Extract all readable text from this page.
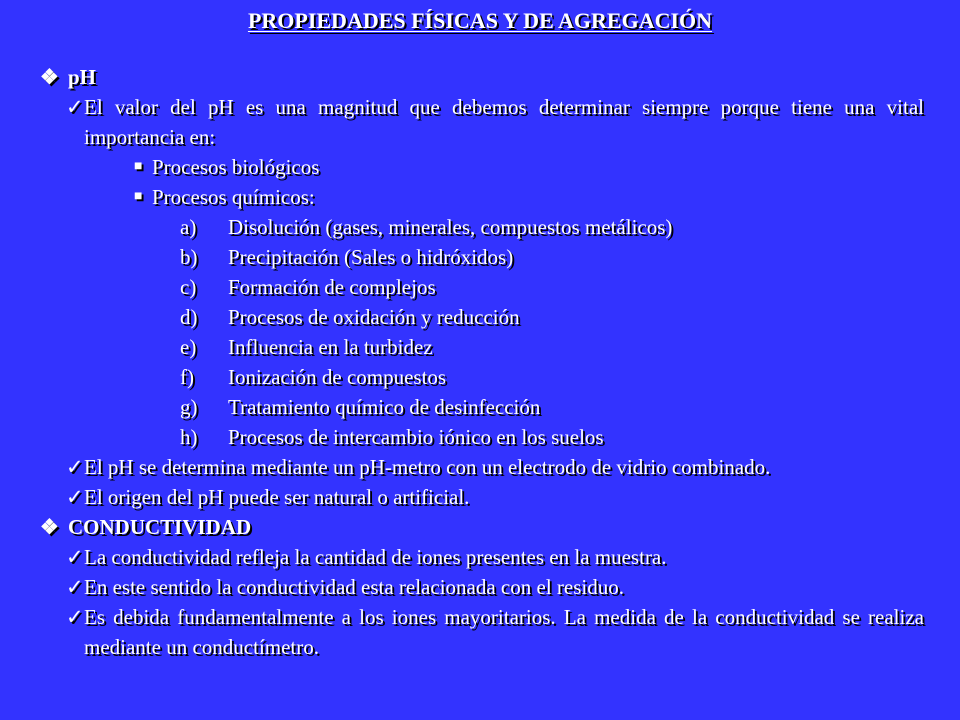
PROPIEDADES FÍSICAS Y DE AGREGACIÓN
❖ pH
✓ El valor del pH es una magnitud que debemos determinar siempre porque tiene una vital importancia en:
■ Procesos biológicos
■ Procesos químicos:
a) Disolución (gases, minerales, compuestos metálicos)
b) Precipitación (Sales o hidróxidos)
c) Formación de complejos
d) Procesos de oxidación y reducción
e) Influencia en la turbidez
f) Ionización de compuestos
g) Tratamiento químico de desinfección
h) Procesos de intercambio iónico en los suelos
✓ El pH se determina mediante un pH-metro con un electrodo de vidrio combinado.
✓ El origen del pH puede ser natural o artificial.
❖ CONDUCTIVIDAD
✓ La conductividad refleja la cantidad de iones presentes en la muestra.
✓ En este sentido la conductividad esta relacionada con el residuo.
✓ Es debida fundamentalmente a los iones mayoritarios. La medida de la conductividad se realiza mediante un conductímetro.
